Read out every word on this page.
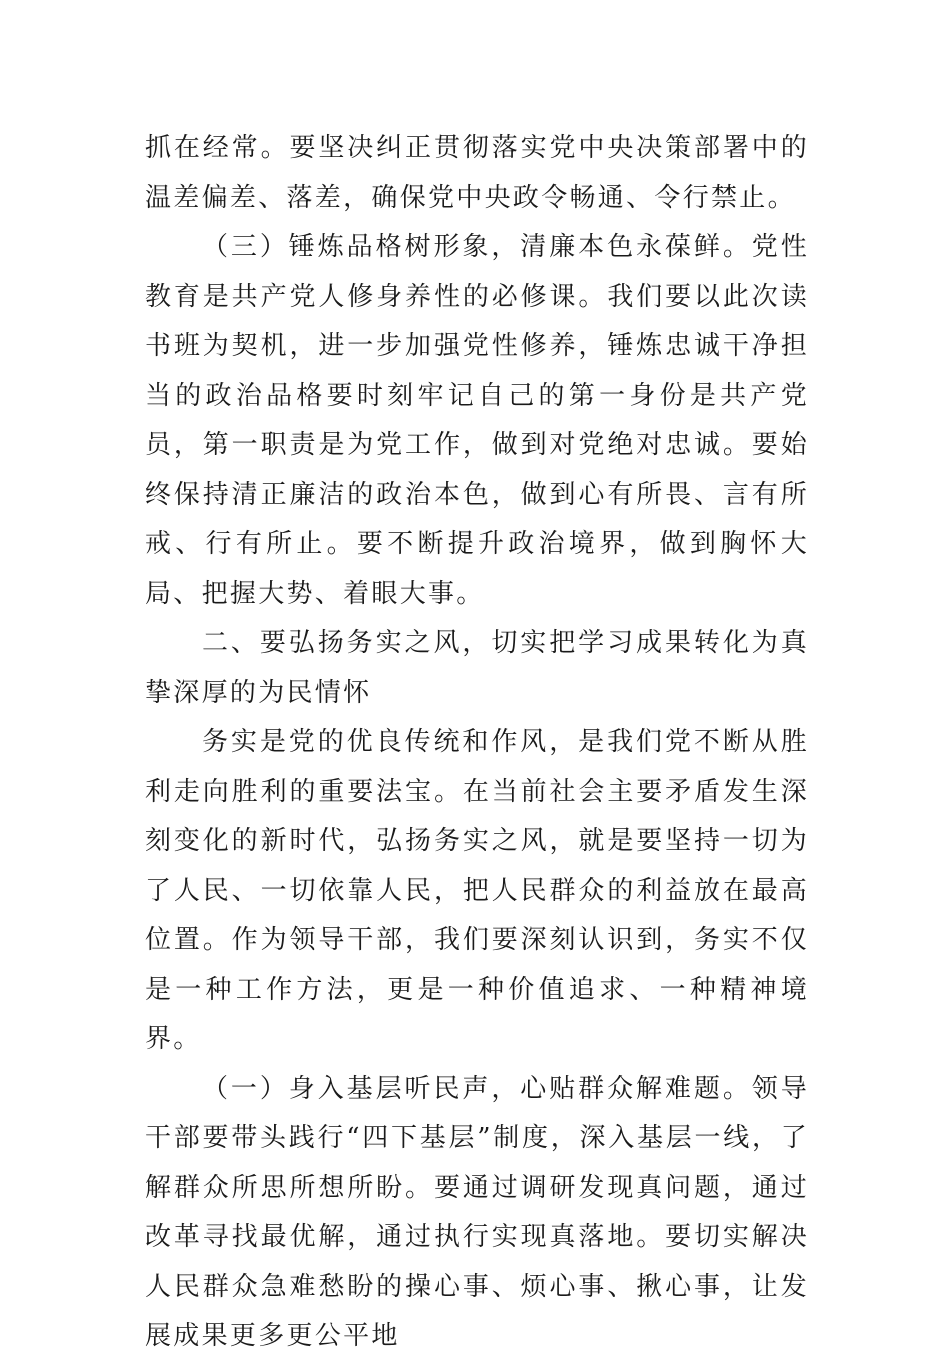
抓在经常。要坚决纠正贯彻落实党中央决策部署中的温差偏差、落差，确保党中央政令畅通、令行禁止。

（三）锤炼品格树形象，清廉本色永葆鲜。党性教育是共产党人修身养性的必修课。我们要以此次读书班为契机，进一步加强党性修养，锤炼忠诚干净担当的政治品格要时刻牢记自己的第一身份是共产党员，第一职责是为党工作，做到对党绝对忠诚。要始终保持清正廉洁的政治本色，做到心有所畏、言有所戒、行有所止。要不断提升政治境界，做到胸怀大局、把握大势、着眼大事。

二、要弘扬务实之风，切实把学习成果转化为真挚深厚的为民情怀

务实是党的优良传统和作风，是我们党不断从胜利走向胜利的重要法宝。在当前社会主要矛盾发生深刻变化的新时代，弘扬务实之风，就是要坚持一切为了人民、一切依靠人民，把人民群众的利益放在最高位置。作为领导干部，我们要深刻认识到，务实不仅是一种工作方法，更是一种价值追求、一种精神境界。

（一）身入基层听民声，心贴群众解难题。领导干部要带头践行“四下基层”制度，深入基层一线，了解群众所思所想所盼。要通过调研发现真问题，通过改革寻找最优解，通过执行实现真落地。要切实解决人民群众急难愁盼的操心事、烦心事、揪心事，让发展成果更多更公平地
